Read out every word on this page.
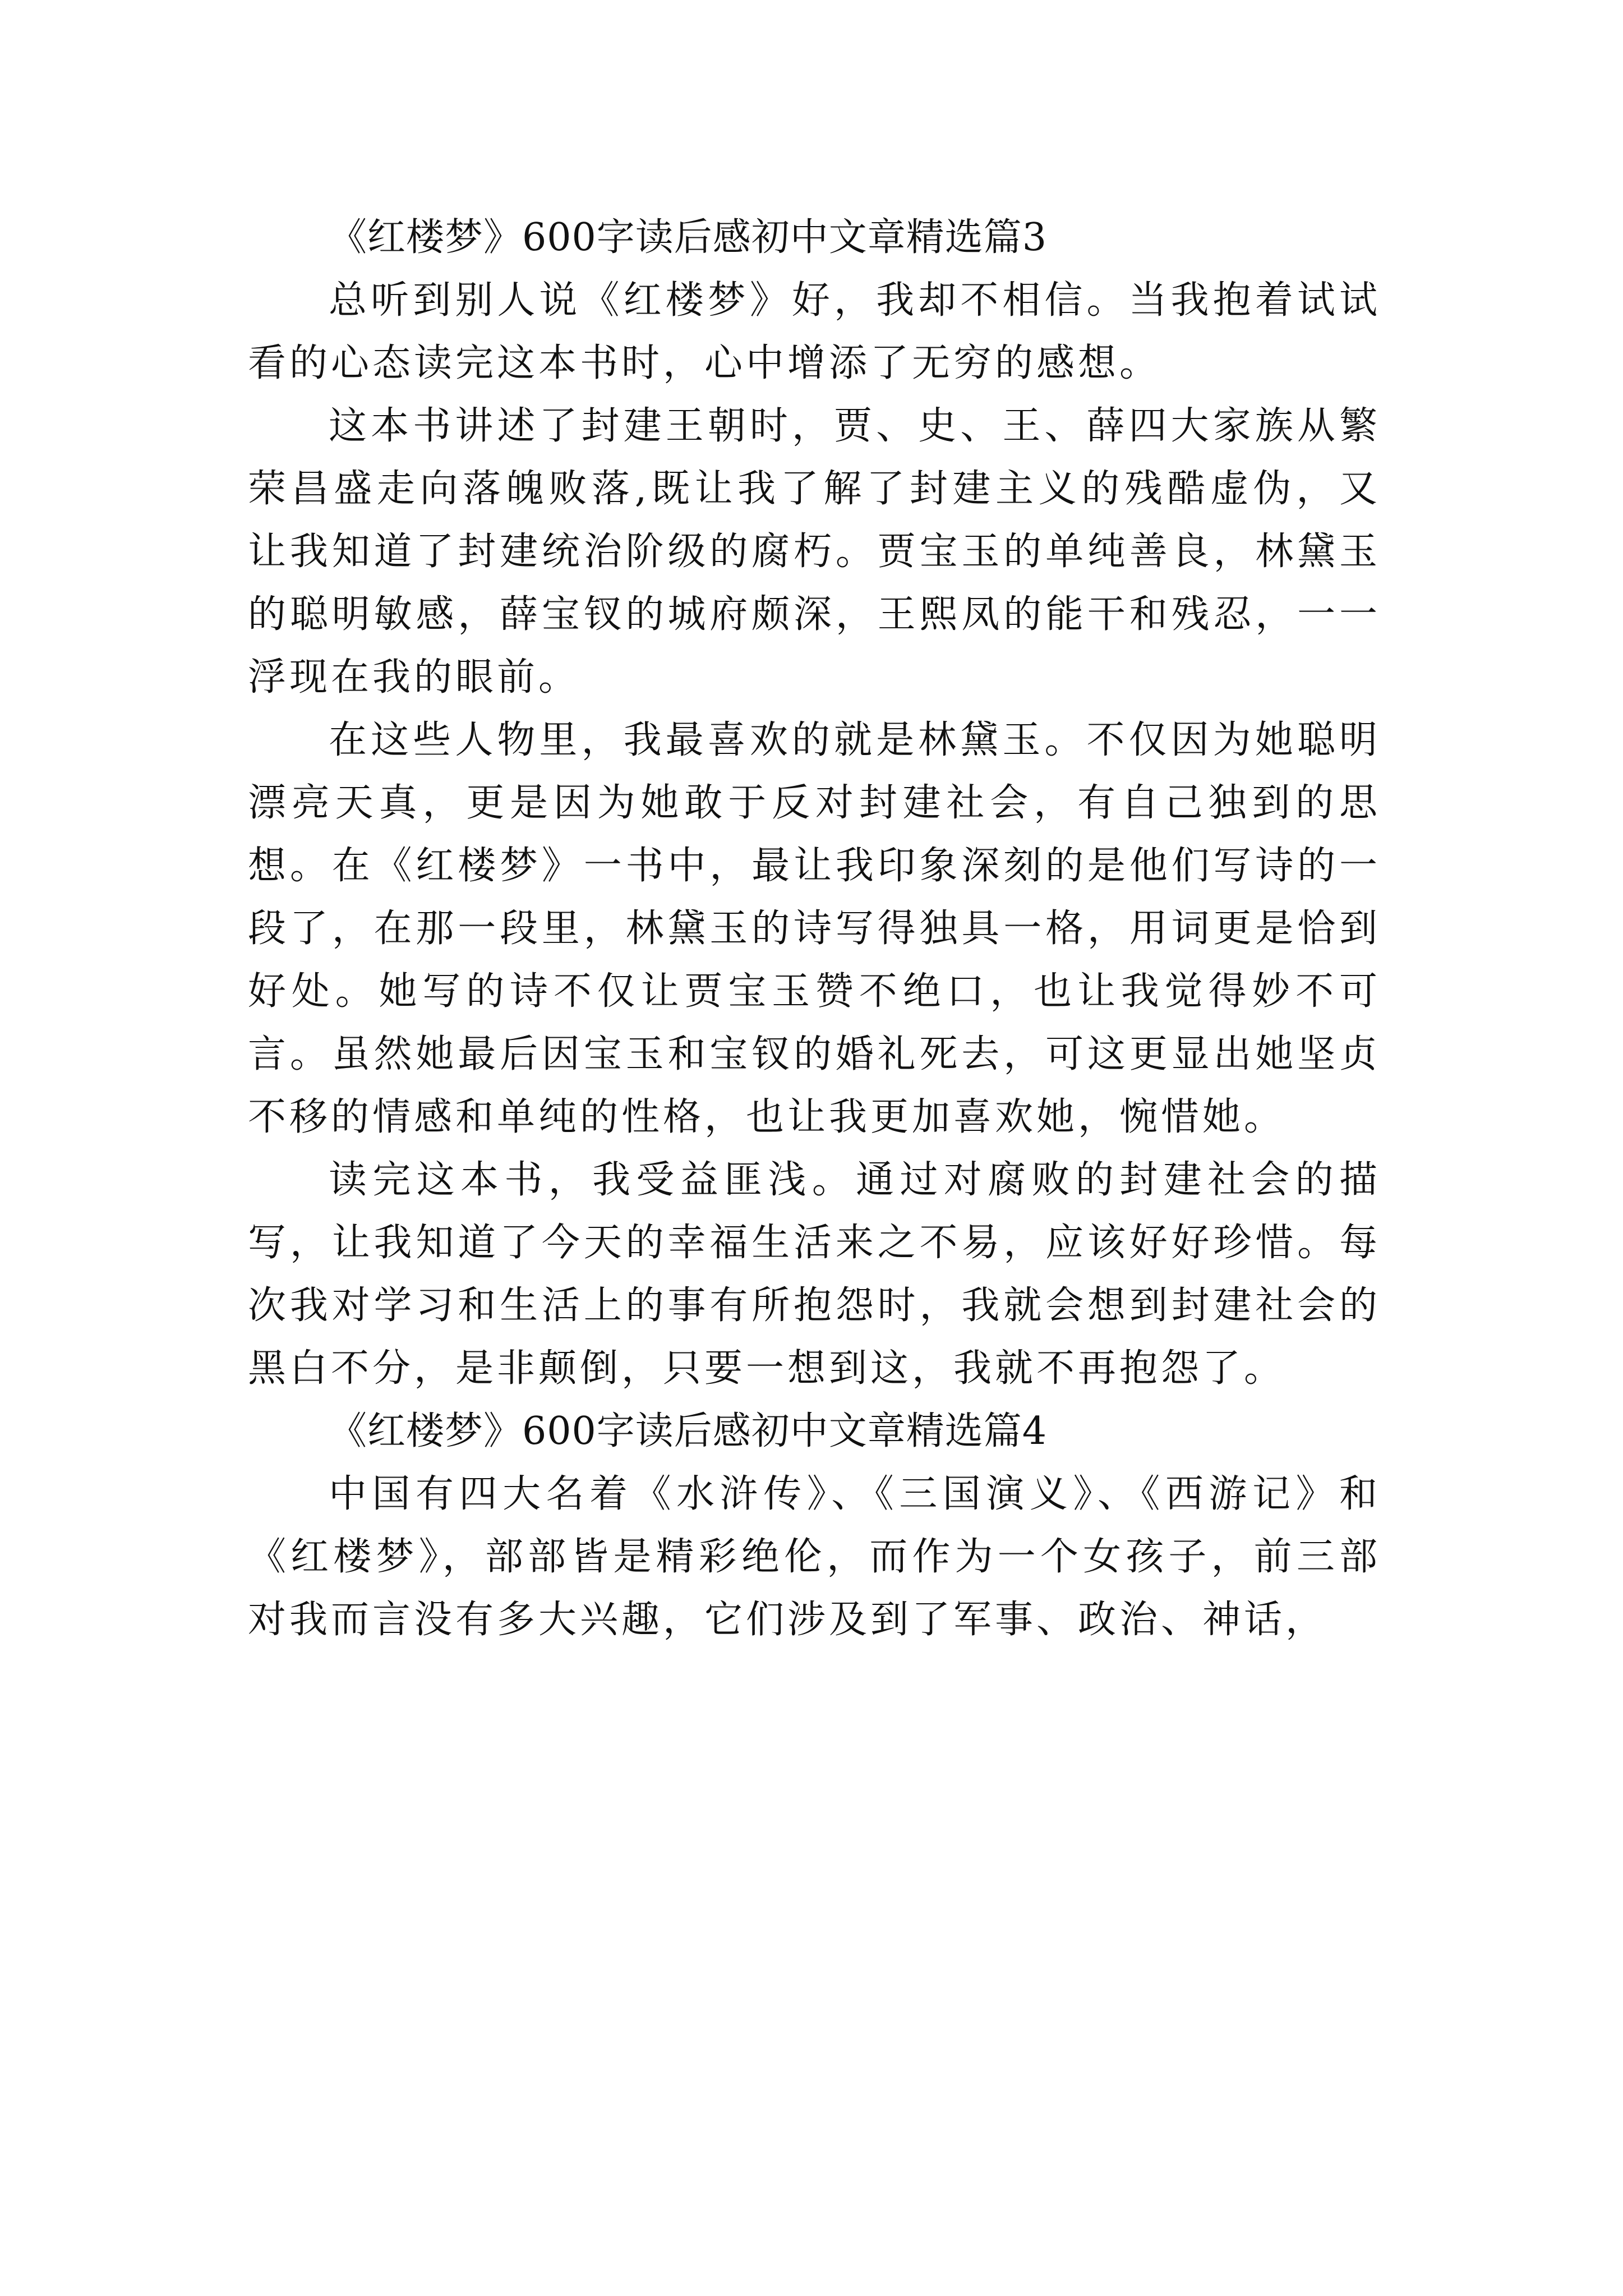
《红楼梦》600字读后感初中文章精选篇3

总听到别人说《红楼梦》好，我却不相信。当我抱着试试看的心态读完这本书时，心中增添了无穷的感想。

这本书讲述了封建王朝时，贾、史、王、薛四大家族从繁荣昌盛走向落魄败落,既让我了解了封建主义的残酷虚伪，又让我知道了封建统治阶级的腐朽。贾宝玉的单纯善良，林黛玉的聪明敏感，薛宝钗的城府颇深，王熙凤的能干和残忍，一一浮现在我的眼前。

在这些人物里，我最喜欢的就是林黛玉。不仅因为她聪明漂亮天真，更是因为她敢于反对封建社会，有自己独到的思想。在《红楼梦》一书中，最让我印象深刻的是他们写诗的一段了，在那一段里，林黛玉的诗写得独具一格，用词更是恰到好处。她写的诗不仅让贾宝玉赞不绝口，也让我觉得妙不可言。虽然她最后因宝玉和宝钗的婚礼死去，可这更显出她坚贞不移的情感和单纯的性格，也让我更加喜欢她，惋惜她。

读完这本书，我受益匪浅。通过对腐败的封建社会的描写，让我知道了今天的幸福生活来之不易，应该好好珍惜。每次我对学习和生活上的事有所抱怨时，我就会想到封建社会的黑白不分，是非颠倒，只要一想到这，我就不再抱怨了。

《红楼梦》600字读后感初中文章精选篇4

中国有四大名着《水浒传》、《三国演义》、《西游记》和《红楼梦》，部部皆是精彩绝伦，而作为一个女孩子，前三部对我而言没有多大兴趣，它们涉及到了军事、政治、神话，
